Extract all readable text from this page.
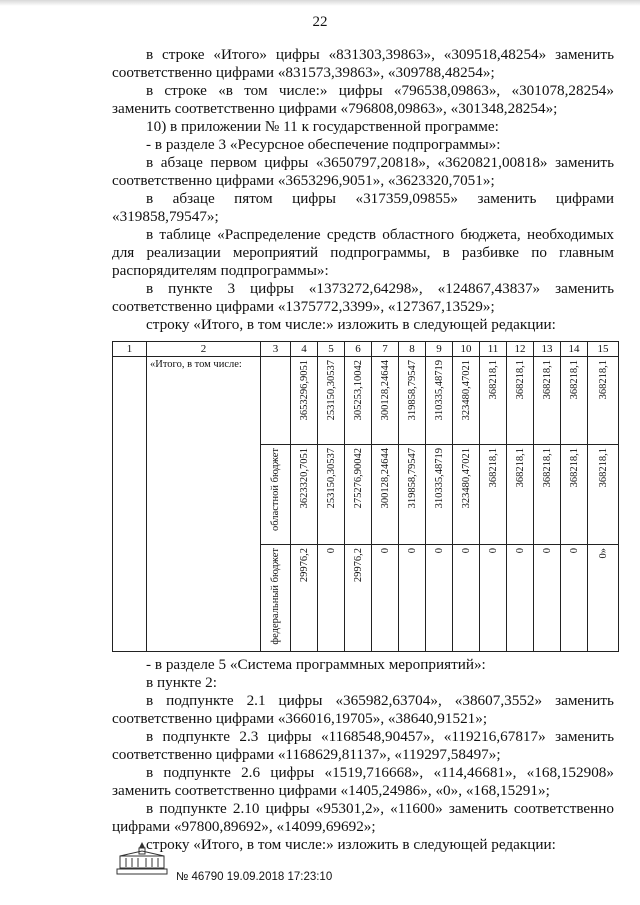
22
в строке «Итого» цифры «831303,39863», «309518,48254» заменить
соответственно цифрами «831573,39863», «309788,48254»;
в строке «в том числе:» цифры «796538,09863», «301078,28254»
заменить соответственно цифрами «796808,09863», «301348,28254»;
10) в приложении № 11 к государственной программе:
- в разделе 3 «Ресурсное обеспечение подпрограммы»:
в абзаце первом цифры «3650797,20818», «3620821,00818» заменить
соответственно цифрами «3653296,9051», «3623320,7051»;
в абзаце пятом цифры «317359,09855» заменить цифрами
«319858,79547»;
в таблице «Распределение средств областного бюджета, необходимых
для реализации мероприятий подпрограммы, в разбивке по главным
распорядителям подпрограммы»:
в пункте 3 цифры «1373272,64298», «124867,43837» заменить
соответственно цифрами «1375772,3399», «127367,13529»;
строку «Итого, в том числе:» изложить в следующей редакции:
1	2	3	4	5	6	7	8	9	10	11	12	13	14	15
	«Итого, в том числе:		3653296,9051	253150,30537	305253,10042	300128,24644	319858,79547	310335,48719	323480,47021	368218,1	368218,1	368218,1	368218,1	368218,1
		областной бюджет	3623320,7051	253150,30537	275276,90042	300128,24644	319858,79547	310335,48719	323480,47021	368218,1	368218,1	368218,1	368218,1	368218,1
		федеральный бюджет	29976,2	0	29976,2	0	0	0	0	0	0	0	0	0»
- в разделе 5 «Система программных мероприятий»:
в пункте 2:
в подпункте 2.1 цифры «365982,63704», «38607,3552» заменить
соответственно цифрами «366016,19705», «38640,91521»;
в подпункте 2.3 цифры «1168548,90457», «119216,67817» заменить
соответственно цифрами «1168629,81137», «119297,58497»;
в подпункте 2.6 цифры «1519,716668», «114,46681», «168,152908»
заменить соответственно цифрами «1405,24986», «0», «168,15291»;
в подпункте 2.10 цифры «95301,2», «11600» заменить соответственно
цифрами «97800,89692», «14099,69692»;
строку «Итого, в том числе:» изложить в следующей редакции:
№ 46790 19.09.2018 17:23:10
